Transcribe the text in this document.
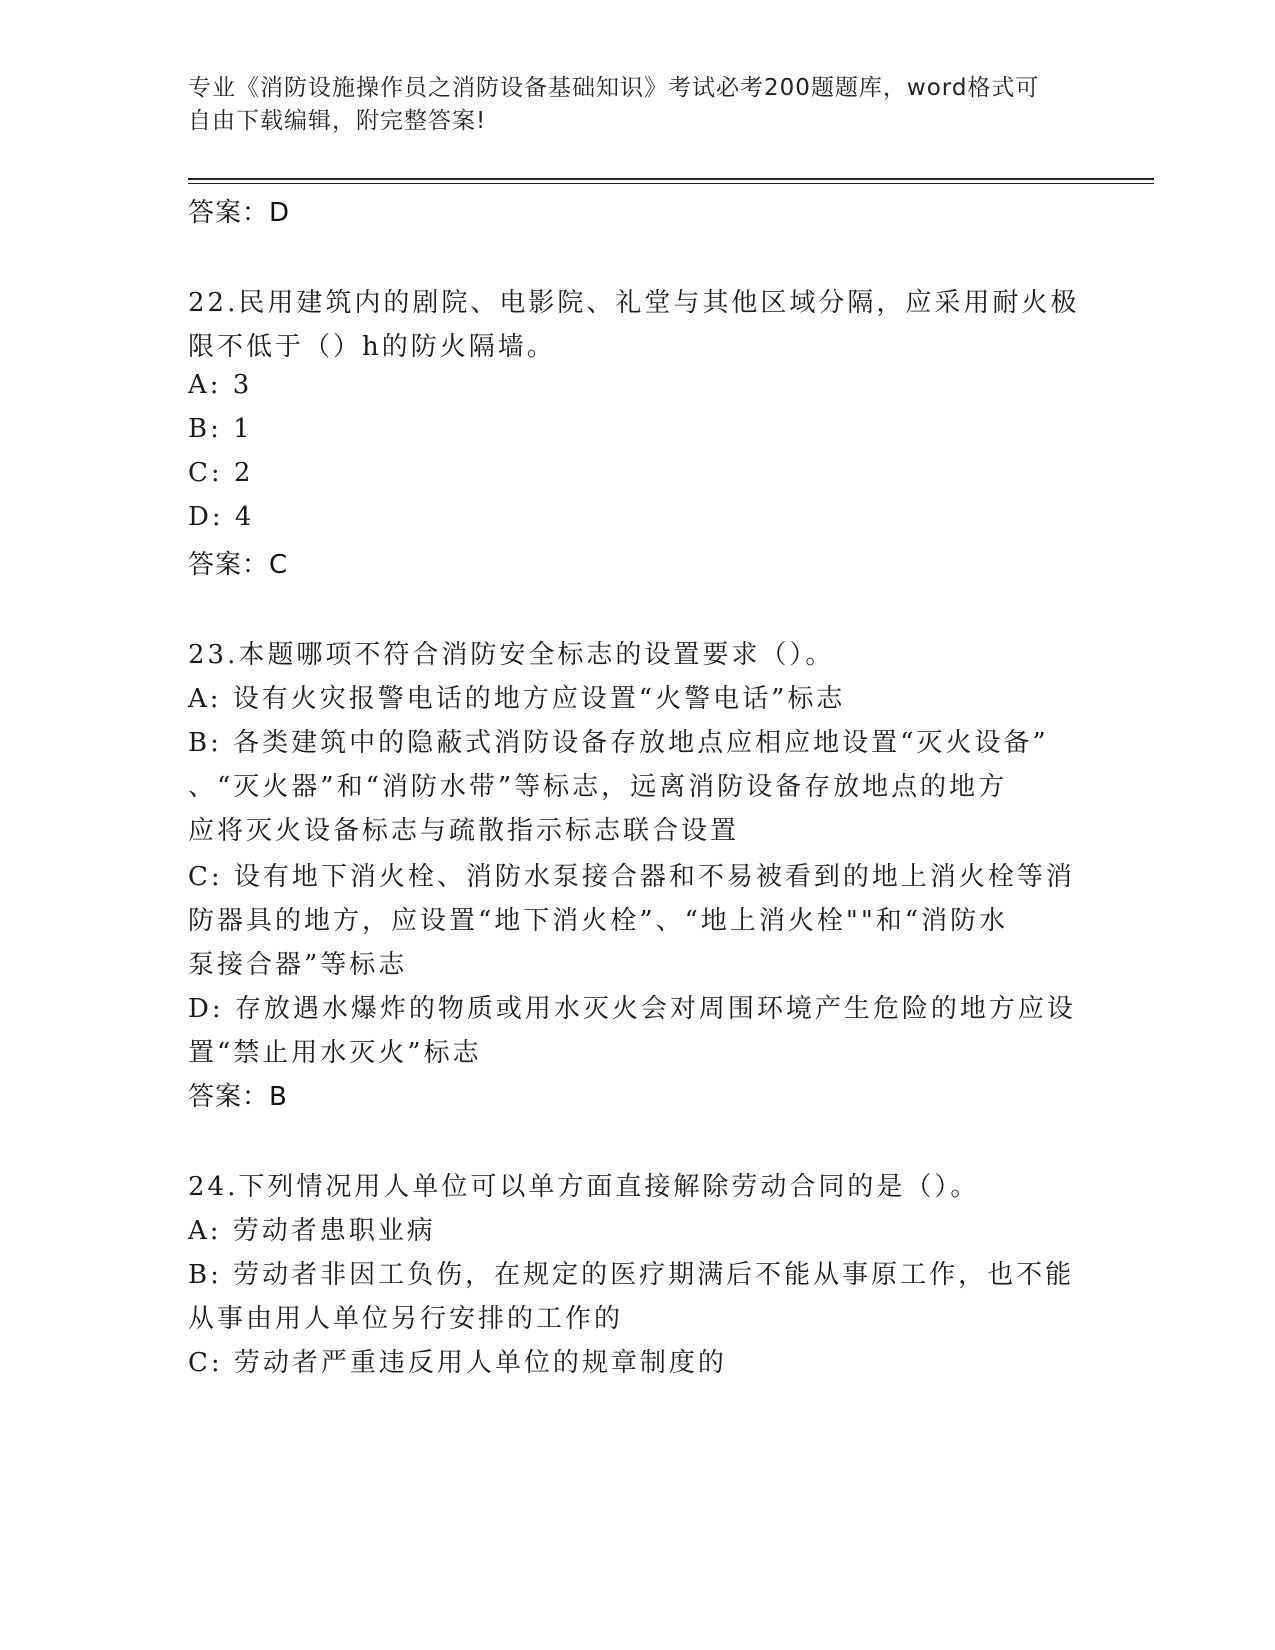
专业《消防设施操作员之消防设备基础知识》考试必考200题题库，word格式可
自由下载编辑，附完整答案!
答案：D
22.民用建筑内的剧院、电影院、礼堂与其他区域分隔，应采用耐火极
限不低于（）h的防火隔墙。
A: 3
B: 1
C: 2
D: 4
答案：C
23.本题哪项不符合消防安全标志的设置要求（）。
A: 设有火灾报警电话的地方应设置“火警电话”标志
B: 各类建筑中的隐蔽式消防设备存放地点应相应地设置“灭火设备”
、“灭火器”和“消防水带”等标志，远离消防设备存放地点的地方
应将灭火设备标志与疏散指示标志联合设置
C: 设有地下消火栓、消防水泵接合器和不易被看到的地上消火栓等消
防器具的地方，应设置“地下消火栓”、“地上消火栓""和“消防水
泵接合器”等标志
D: 存放遇水爆炸的物质或用水灭火会对周围环境产生危险的地方应设
置“禁止用水灭火”标志
答案：B
24.下列情况用人单位可以单方面直接解除劳动合同的是（）。
A: 劳动者患职业病
B: 劳动者非因工负伤，在规定的医疗期满后不能从事原工作，也不能
从事由用人单位另行安排的工作的
C: 劳动者严重违反用人单位的规章制度的
